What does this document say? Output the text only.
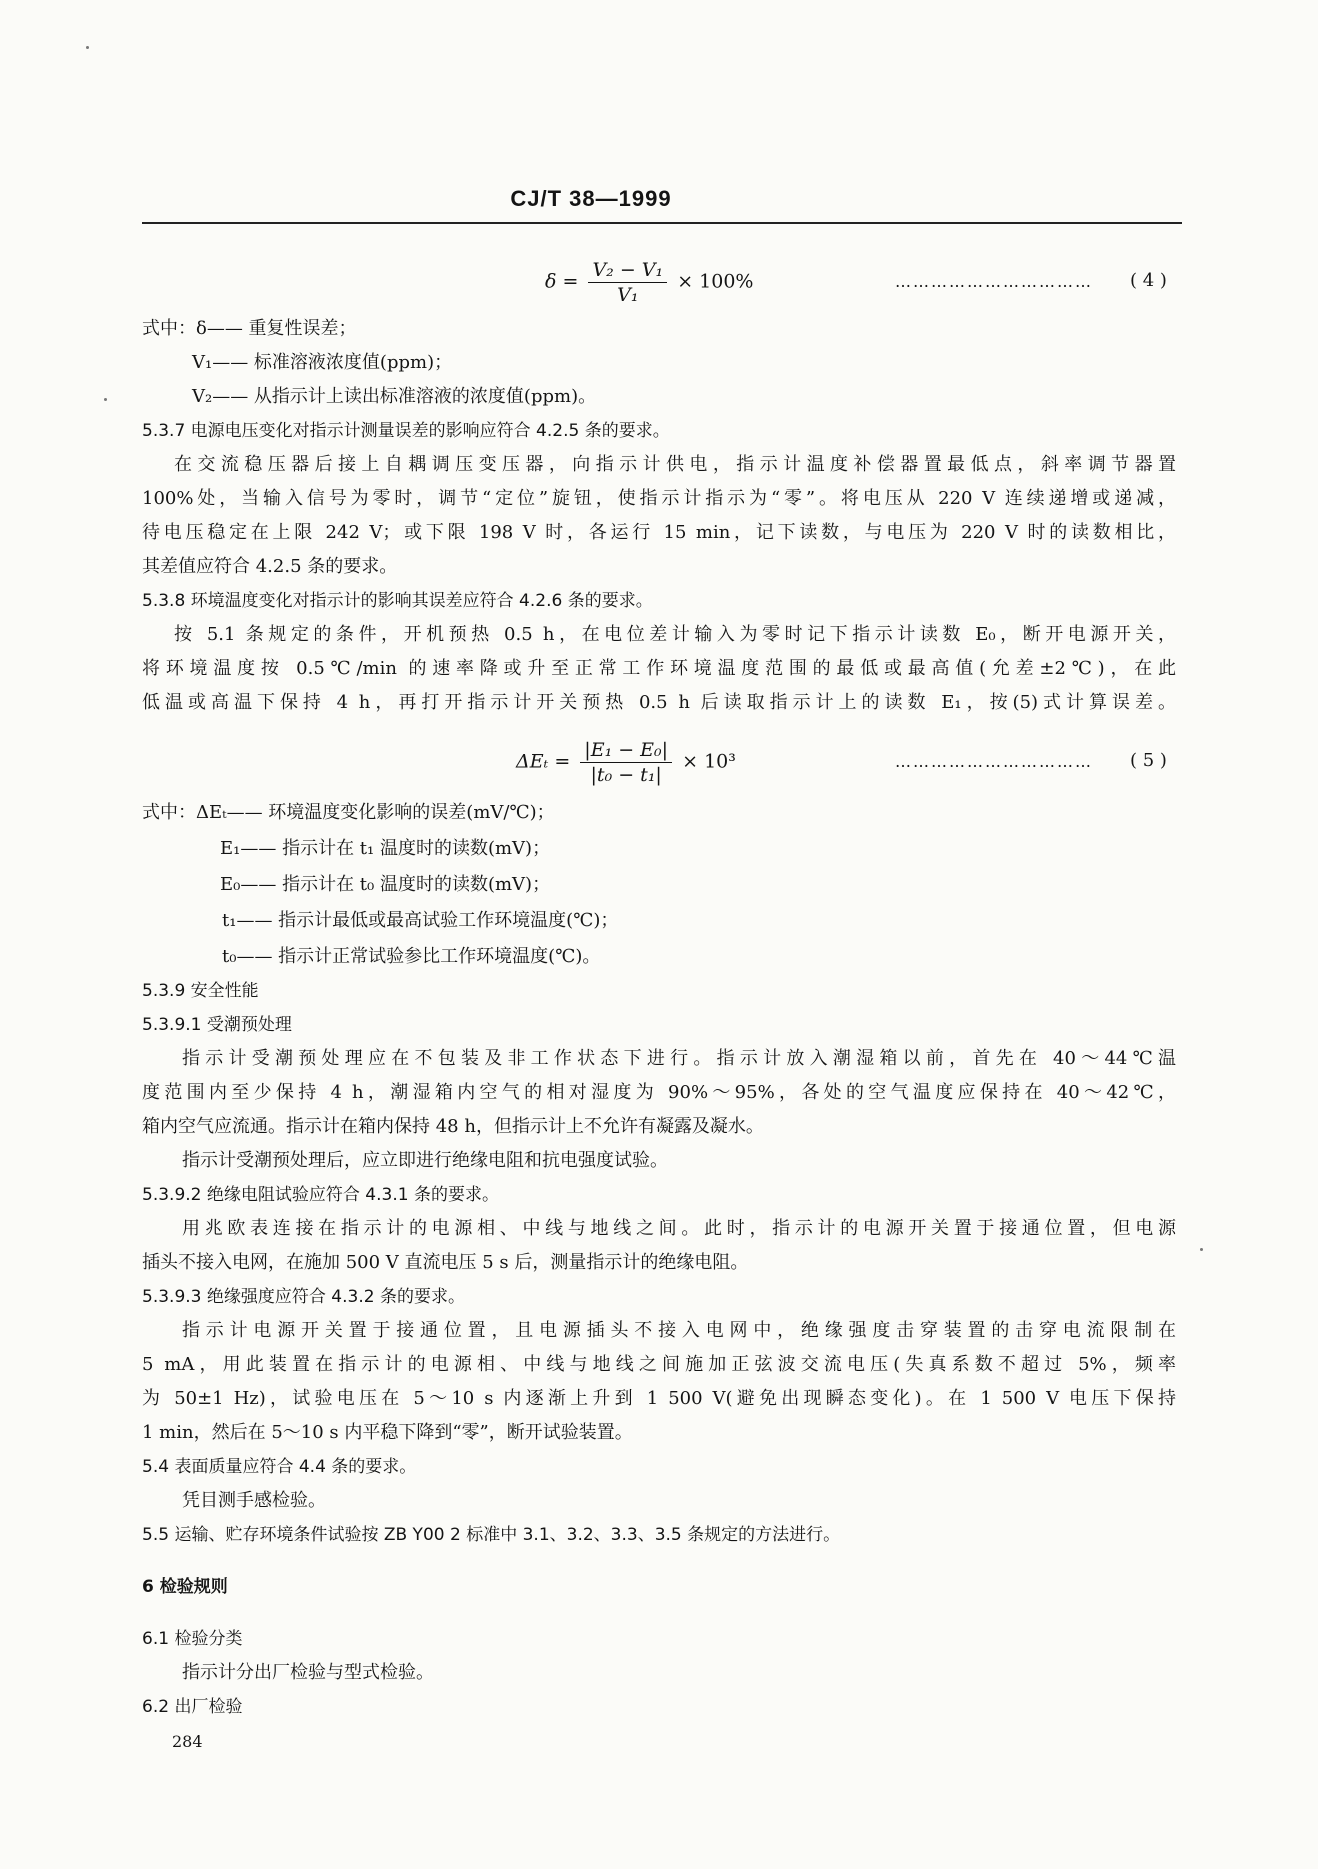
CJ/T 38—1999
$\delta = \frac{\text{V₂ − V₁}}{\text{V₁}} \times 100\%$	…………………………… ( 4 )
式中：δ—— 重复性误差；
V₁—— 标准溶液浓度值(ppm)；
V₂—— 从指示计上读出标准溶液的浓度值(ppm)。
5.3.7 电源电压变化对指示计测量误差的影响应符合 4.2.5 条的要求。
在交流稳压器后接上自耦调压变压器，向指示计供电，指示计温度补偿器置最低点，斜率调节器置
100%处，当输入信号为零时，调节“定位”旋钮，使指示计指示为“零”。将电压从 220 V 连续递增或递减，
待电压稳定在上限 242 V；或下限 198 V 时，各运行 15 min，记下读数，与电压为 220 V 时的读数相比，
其差值应符合 4.2.5 条的要求。
5.3.8 环境温度变化对指示计的影响其误差应符合 4.2.6 条的要求。
按 5.1 条规定的条件，开机预热 0.5 h，在电位差计输入为零时记下指示计读数 E₀，断开电源开关，
将环境温度按 0.5℃/min 的速率降或升至正常工作环境温度范围的最低或最高值(允差±2℃)，在此
低温或高温下保持 4 h，再打开指示计开关预热 0.5 h 后读取指示计上的读数 E₁，按(5)式计算误差。
$\Delta E_t = \frac{\text{|E₁ − E₀|}}{\text{|t₀ − t₁|}} \times 10^3$	…………………………… ( 5 )
式中：ΔEₜ—— 环境温度变化影响的误差(mV/℃)；
E₁—— 指示计在 t₁ 温度时的读数(mV)；
E₀—— 指示计在 t₀ 温度时的读数(mV)；
t₁—— 指示计最低或最高试验工作环境温度(℃)；
t₀—— 指示计正常试验参比工作环境温度(℃)。
5.3.9 安全性能
5.3.9.1 受潮预处理
指示计受潮预处理应在不包装及非工作状态下进行。指示计放入潮湿箱以前，首先在 40～44℃温
度范围内至少保持 4 h，潮湿箱内空气的相对湿度为 90%～95%，各处的空气温度应保持在 40～42℃，
箱内空气应流通。指示计在箱内保持 48 h，但指示计上不允许有凝露及凝水。
指示计受潮预处理后，应立即进行绝缘电阻和抗电强度试验。
5.3.9.2 绝缘电阻试验应符合 4.3.1 条的要求。
用兆欧表连接在指示计的电源相、中线与地线之间。此时，指示计的电源开关置于接通位置，但电源
插头不接入电网，在施加 500 V 直流电压 5 s 后，测量指示计的绝缘电阻。
5.3.9.3 绝缘强度应符合 4.3.2 条的要求。
指示计电源开关置于接通位置，且电源插头不接入电网中，绝缘强度击穿装置的击穿电流限制在
5 mA，用此装置在指示计的电源相、中线与地线之间施加正弦波交流电压(失真系数不超过 5%，频率
为 50±1 Hz)，试验电压在 5～10 s 内逐渐上升到 1 500 V(避免出现瞬态变化)。在 1 500 V 电压下保持
1 min，然后在 5～10 s 内平稳下降到“零”，断开试验装置。
5.4 表面质量应符合 4.4 条的要求。
凭目测手感检验。
5.5 运输、贮存环境条件试验按 ZB Y00 2 标准中 3.1、3.2、3.3、3.5 条规定的方法进行。
6 检验规则
6.1 检验分类
指示计分出厂检验与型式检验。
6.2 出厂检验
284
